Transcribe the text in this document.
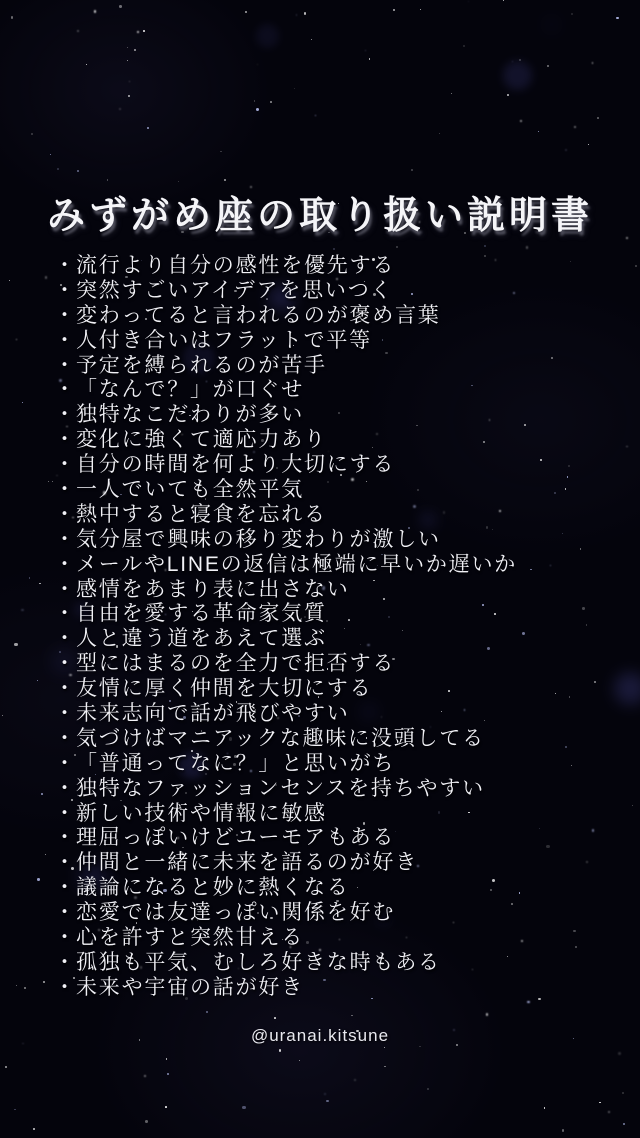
みずがめ座の取り扱い説明書
・流行より自分の感性を優先する
・突然すごいアイデアを思いつく
・変わってると言われるのが褒め言葉
・人付き合いはフラットで平等
・予定を縛られるのが苦手
・「なんで？」が口ぐせ
・独特なこだわりが多い
・変化に強くて適応力あり
・自分の時間を何より大切にする
・一人でいても全然平気
・熱中すると寝食を忘れる
・気分屋で興味の移り変わりが激しい
・メールやLINEの返信は極端に早いか遅いか
・感情をあまり表に出さない
・自由を愛する革命家気質
・人と違う道をあえて選ぶ
・型にはまるのを全力で拒否する
・友情に厚く仲間を大切にする
・未来志向で話が飛びやすい
・気づけばマニアックな趣味に没頭してる
・「普通ってなに？」と思いがち
・独特なファッションセンスを持ちやすい
・新しい技術や情報に敏感
・理屈っぽいけどユーモアもある
・仲間と一緒に未来を語るのが好き
・議論になると妙に熱くなる
・恋愛では友達っぽい関係を好む
・心を許すと突然甘える
・孤独も平気、むしろ好きな時もある
・未来や宇宙の話が好き
@uranai.kitsune
